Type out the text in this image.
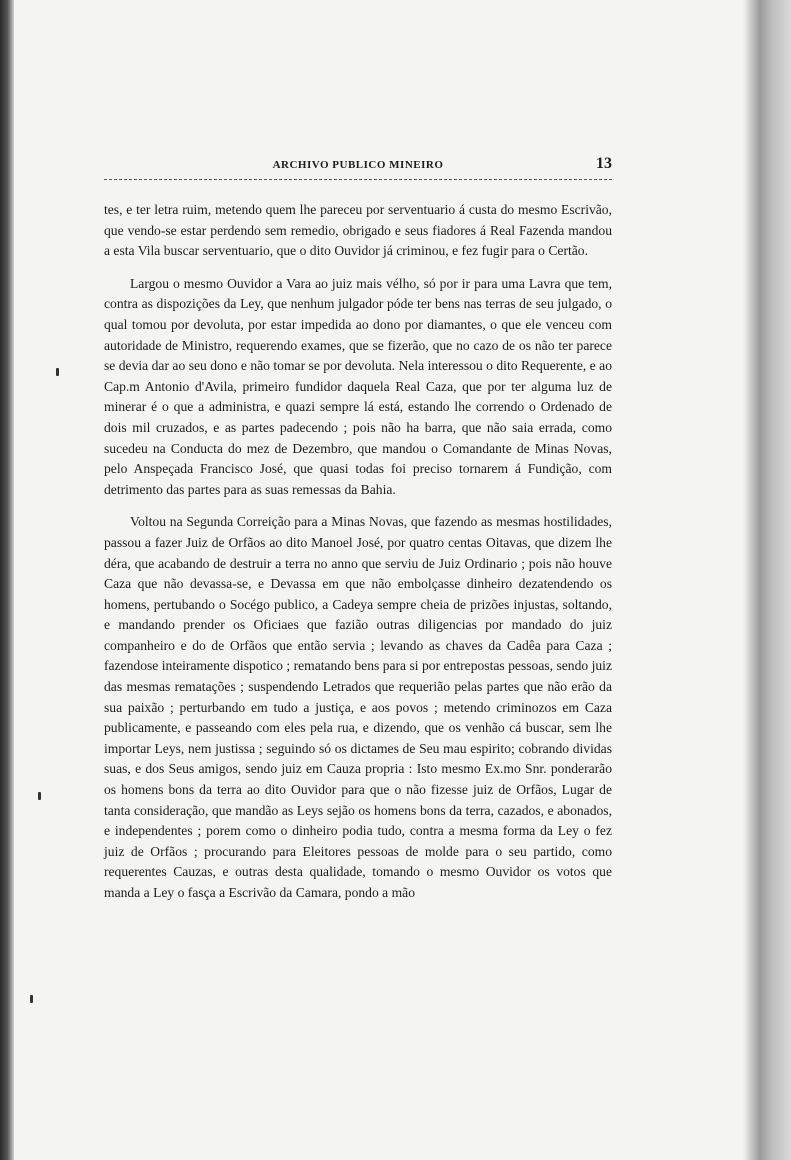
ARCHIVO PUBLICO MINEIRO	13

tes, e ter letra ruim, metendo quem lhe pareceu por serventuario á custa do mesmo Escrivão, que vendo-se estar perdendo sem remedio, obrigado e seus fiadores á Real Fazenda mandou a esta Vila buscar serventuario, que o dito Ouvidor já criminou, e fez fugir para o Certão.

Largou o mesmo Ouvidor a Vara ao juiz mais vélho, só por ir para uma Lavra que tem, contra as dispozições da Ley, que nenhum julgador póde ter bens nas terras de seu julgado, o qual tomou por devoluta, por estar impedida ao dono por diamantes, o que ele venceu com autoridade de Ministro, requerendo exames, que se fizerão, que no cazo de os não ter parece se devia dar ao seu dono e não tomar se por devoluta. Nela interessou o dito Requerente, e ao Cap.m Antonio d'Avila, primeiro fundidor daquela Real Caza, que por ter alguma luz de minerar é o que a administra, e quazi sempre lá está, estando lhe correndo o Ordenado de dois mil cruzados, e as partes padecendo ; pois não ha barra, que não saia errada, como sucedeu na Conducta do mez de Dezembro, que mandou o Comandante de Minas Novas, pelo Anspeçada Francisco José, que quasi todas foi preciso tornarem á Fundição, com detrimento das partes para as suas remessas da Bahia.

Voltou na Segunda Correição para a Minas Novas, que fazendo as mesmas hostilidades, passou a fazer Juiz de Orfãos ao dito Manoel José, por quatro centas Oitavas, que dizem lhe déra, que acabando de destruir a terra no anno que serviu de Juiz Ordinario ; pois não houve Caza que não devassa-se, e Devassa em que não embolçasse dinheiro dezatendendo os homens, pertubando o Socégo publico, a Cadeya sempre cheia de prizões injustas, soltando, e mandando prender os Oficiaes que fazião outras diligencias por mandado do juiz companheiro e do de Orfãos que então servia ; levando as chaves da Cadêa para Caza ; fazendose inteiramente dispotico ; rematando bens para si por entrepostas pessoas, sendo juiz das mesmas rematações ; suspendendo Letrados que requerião pelas partes que não erão da sua paixão ; perturbando em tudo a justiça, e aos povos ; metendo criminozos em Caza publicamente, e passeando com eles pela rua, e dizendo, que os venhão cá buscar, sem lhe importar Leys, nem justissa ; seguindo só os dictames de Seu mau espirito; cobrando dividas suas, e dos Seus amigos, sendo juiz em Cauza propria : Isto mesmo Ex.mo Snr. ponderarão os homens bons da terra ao dito Ouvidor para que o não fizesse juiz de Orfãos, Lugar de tanta consideração, que mandão as Leys sejão os homens bons da terra, cazados, e abonados, e independentes ; porem como o dinheiro podia tudo, contra a mesma forma da Ley o fez juiz de Orfãos ; procurando para Eleitores pessoas de molde para o seu partido, como requerentes Cauzas, e outras desta qualidade, tomando o mesmo Ouvidor os votos que manda a Ley o fasça a Escrivão da Camara, pondo a mão
